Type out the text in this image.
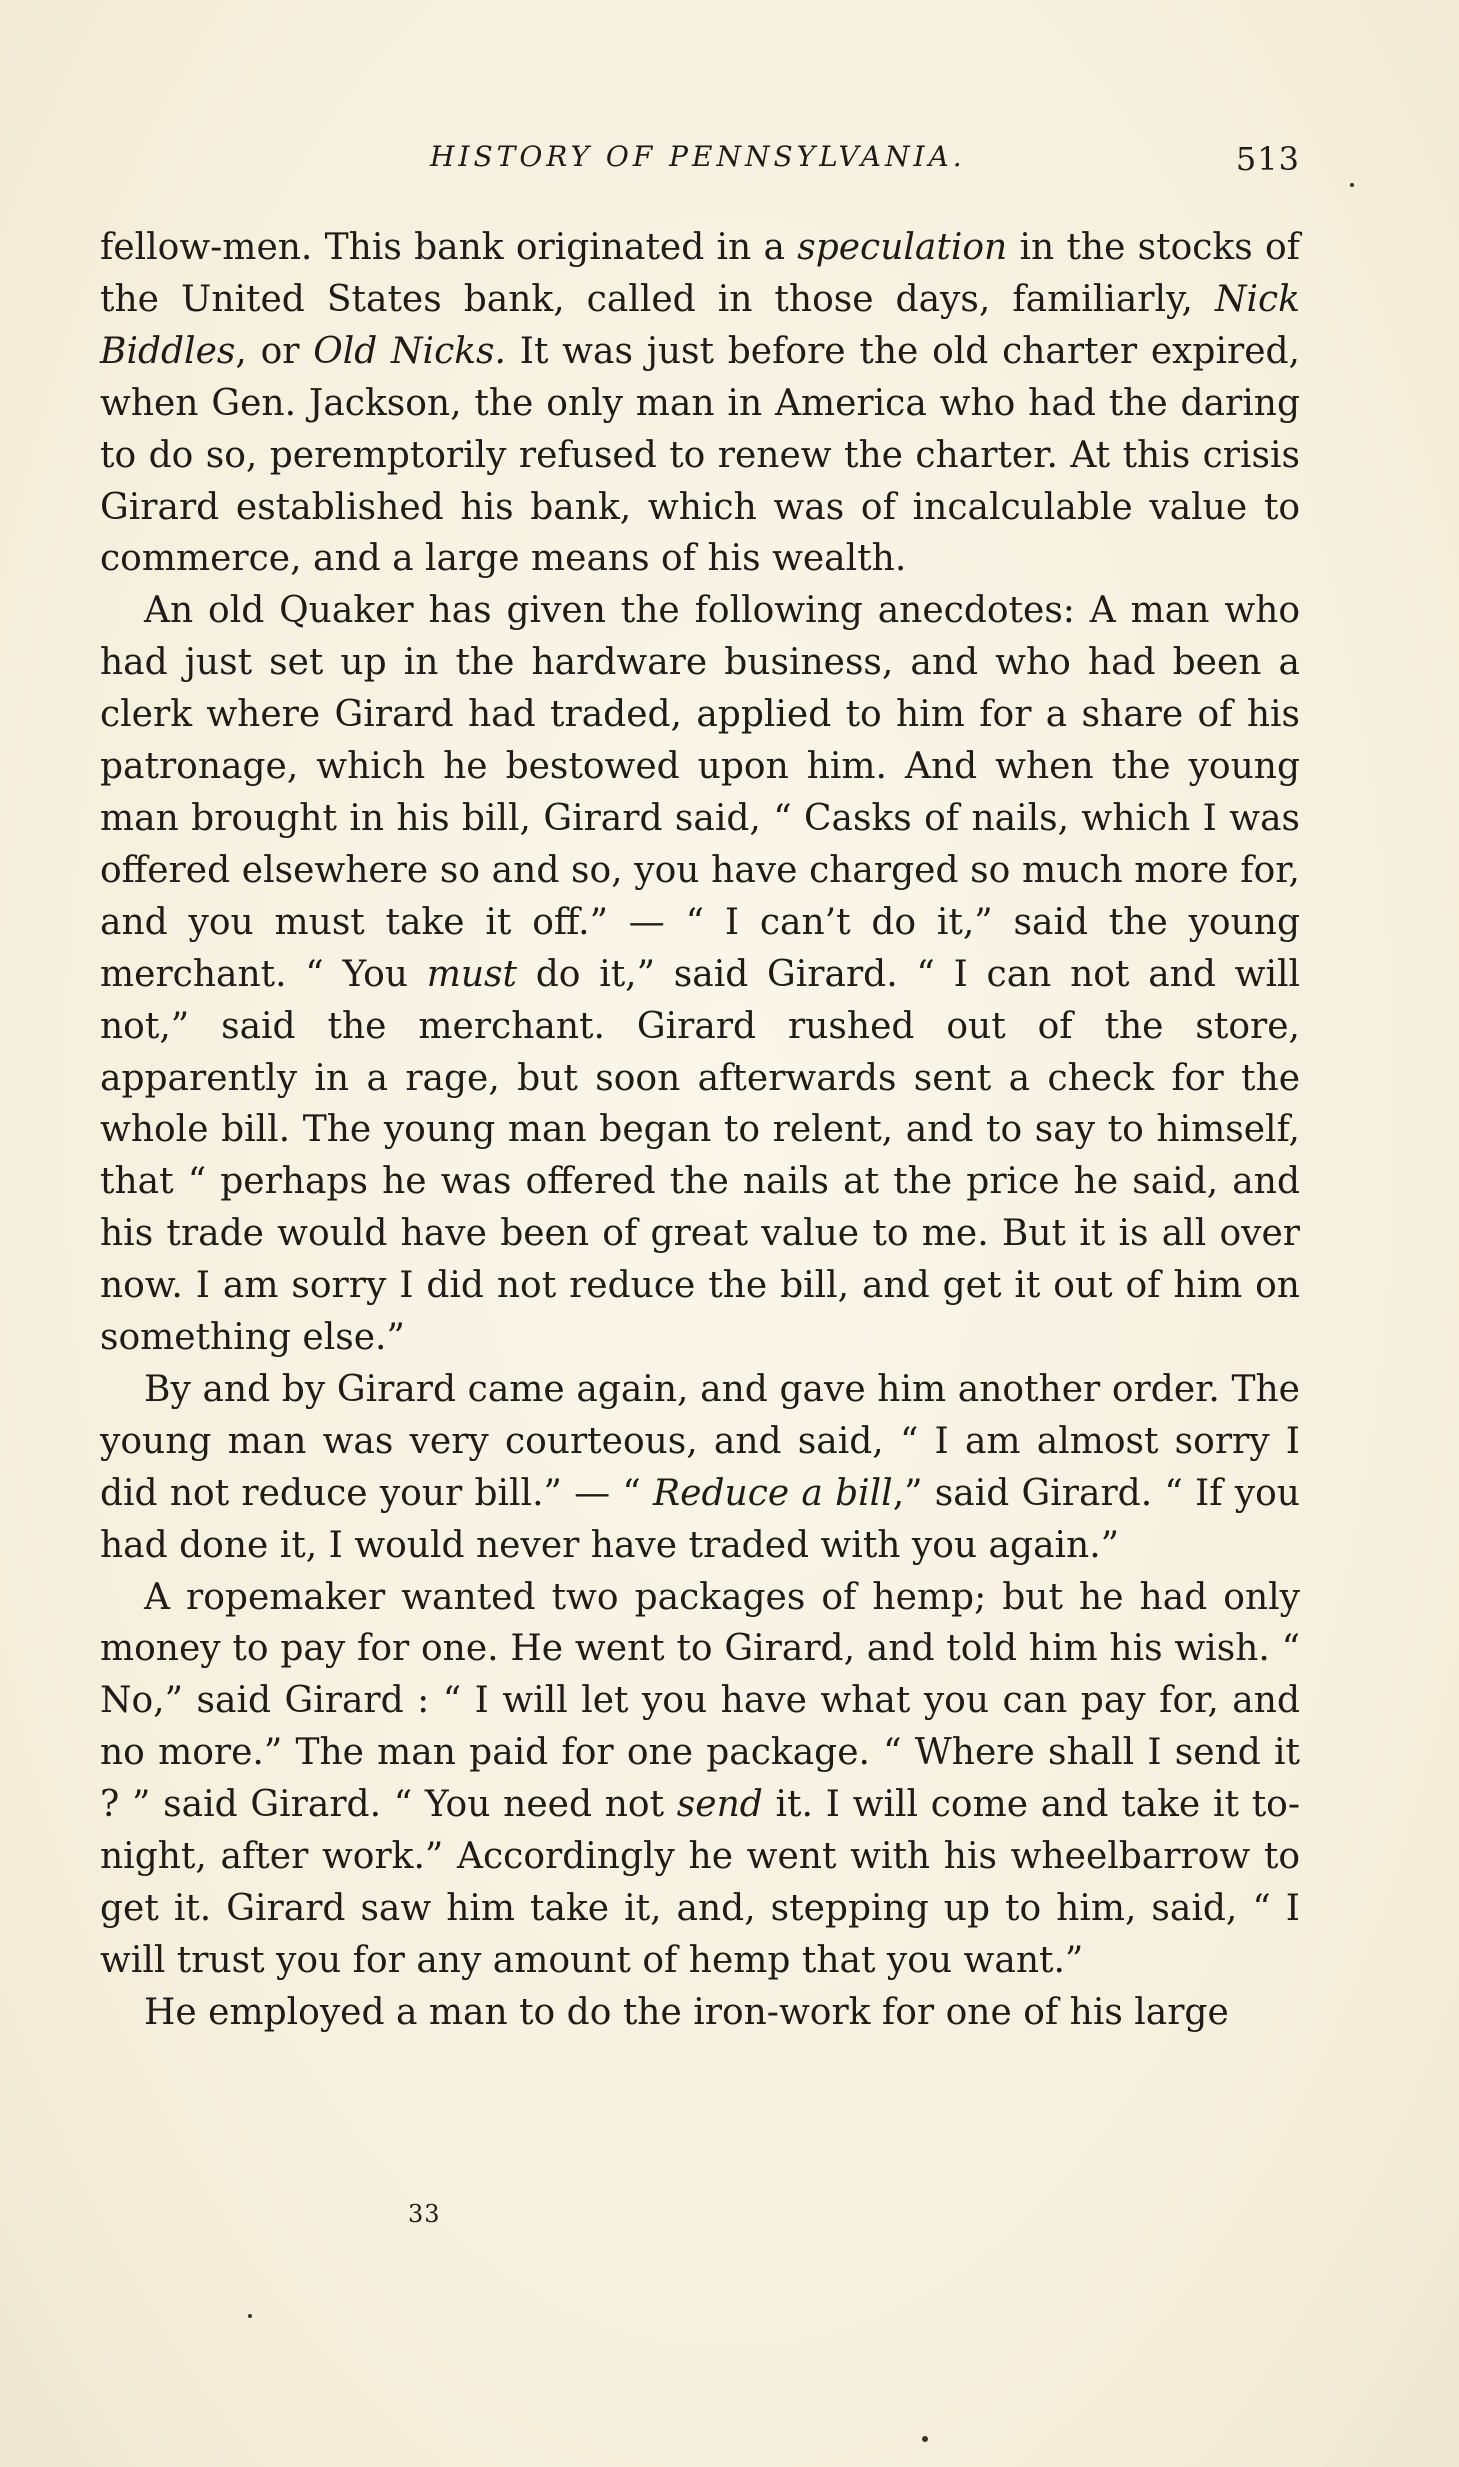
HISTORY OF PENNSYLVANIA.	513

fellow-men. This bank originated in a speculation in the stocks of the United States bank, called in those days, familiarly, Nick Biddles, or Old Nicks. It was just before the old charter expired, when Gen. Jackson, the only man in America who had the daring to do so, peremptorily refused to renew the charter. At this crisis Girard established his bank, which was of incalculable value to commerce, and a large means of his wealth.

An old Quaker has given the following anecdotes: A man who had just set up in the hardware business, and who had been a clerk where Girard had traded, applied to him for a share of his patronage, which he bestowed upon him. And when the young man brought in his bill, Girard said, “ Casks of nails, which I was offered elsewhere so and so, you have charged so much more for, and you must take it off.” — “ I can’t do it,” said the young merchant. “ You must do it,” said Girard. “ I can not and will not,” said the merchant. Girard rushed out of the store, apparently in a rage, but soon afterwards sent a check for the whole bill. The young man began to relent, and to say to himself, that “ perhaps he was offered the nails at the price he said, and his trade would have been of great value to me. But it is all over now. I am sorry I did not reduce the bill, and get it out of him on something else.”

By and by Girard came again, and gave him another order. The young man was very courteous, and said, “ I am almost sorry I did not reduce your bill.” — “ Reduce a bill,” said Girard. “ If you had done it, I would never have traded with you again.”

A ropemaker wanted two packages of hemp; but he had only money to pay for one. He went to Girard, and told him his wish. “ No,” said Girard : “ I will let you have what you can pay for, and no more.” The man paid for one package. “ Where shall I send it ? ” said Girard. “ You need not send it. I will come and take it to-night, after work.” Accordingly he went with his wheelbarrow to get it. Girard saw him take it, and, stepping up to him, said, “ I will trust you for any amount of hemp that you want.”

He employed a man to do the iron-work for one of his large

33
